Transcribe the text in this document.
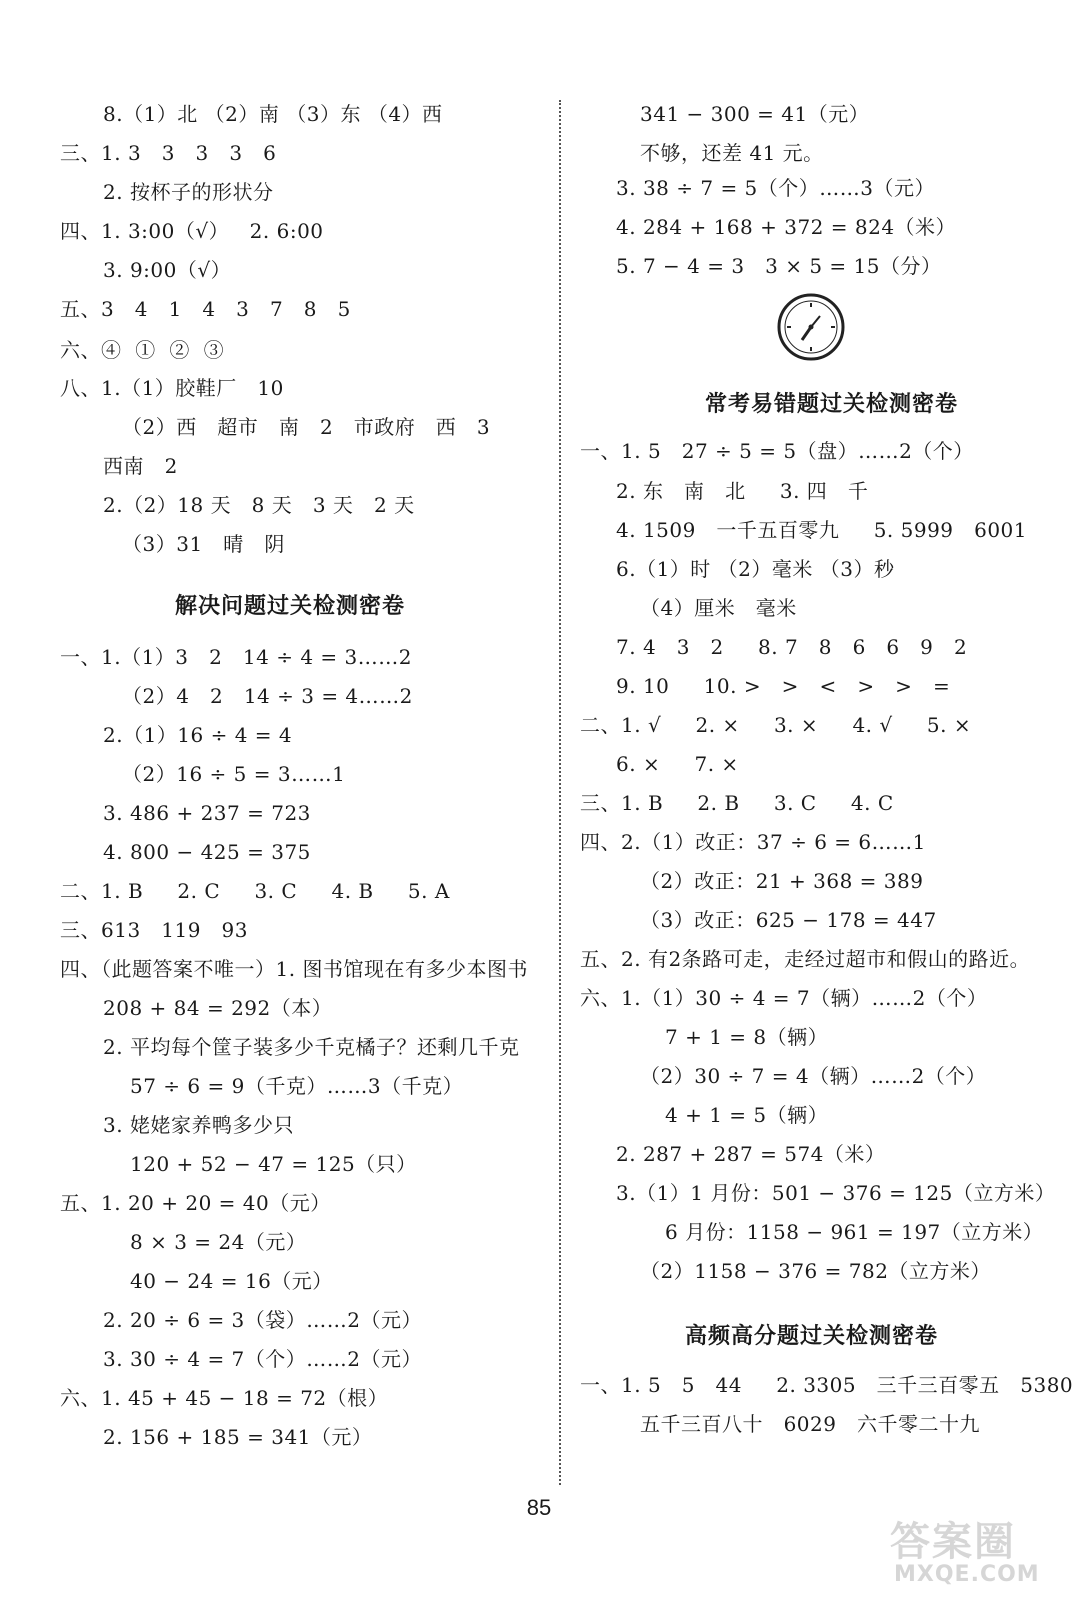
8.（1）北 （2）南 （3）东 （4）西
三、1. 3   3   3   3   6
2. 按杯子的形状分
四、1. 3:00（√）   2. 6:00
3. 9:00（√）
五、3   4   1   4   3   7   8   5
六、④  ①  ②  ③
八、1.（1）胶鞋厂   10
（2）西   超市   南   2   市政府   西   3
西南   2
2.（2）18 天   8 天   3 天   2 天
（3）31   晴   阴
解决问题过关检测密卷
一、1.（1）3   2   14 ÷ 4 = 3……2
（2）4   2   14 ÷ 3 = 4……2
2.（1）16 ÷ 4 = 4
（2）16 ÷ 5 = 3……1
3. 486 + 237 = 723
4. 800 − 425 = 375
二、1. B     2. C     3. C     4. B     5. A
三、613   119   93
四、（此题答案不唯一）1. 图书馆现在有多少本图书
208 + 84 = 292（本）
2. 平均每个筐子装多少千克橘子？还剩几千克
57 ÷ 6 = 9（千克）……3（千克）
3. 姥姥家养鸭多少只
120 + 52 − 47 = 125（只）
五、1. 20 + 20 = 40（元）
8 × 3 = 24（元）
40 − 24 = 16（元）
2. 20 ÷ 6 = 3（袋）……2（元）
3. 30 ÷ 4 = 7（个）……2（元）
六、1. 45 + 45 − 18 = 72（根）
2. 156 + 185 = 341（元）
341 − 300 = 41（元）
不够，还差 41 元。
3. 38 ÷ 7 = 5（个）……3（元）
4. 284 + 168 + 372 = 824（米）
5. 7 − 4 = 3   3 × 5 = 15（分）
常考易错题过关检测密卷
一、1. 5   27 ÷ 5 = 5（盘）……2（个）
2. 东   南   北     3. 四   千
4. 1509   一千五百零九     5. 5999   6001
6.（1）时 （2）毫米 （3）秒
（4）厘米   毫米
7. 4   3   2     8. 7   8   6   6   9   2
9. 10     10. >   >   <   >   >   =
二、1. √     2. ×     3. ×     4. √     5. ×
6. ×     7. ×
三、1. B     2. B     3. C     4. C
四、2.（1）改正：37 ÷ 6 = 6……1
（2）改正：21 + 368 = 389
（3）改正：625 − 178 = 447
五、2. 有2条路可走，走经过超市和假山的路近。
六、1.（1）30 ÷ 4 = 7（辆）……2（个）
7 + 1 = 8（辆）
（2）30 ÷ 7 = 4（辆）……2（个）
4 + 1 = 5（辆）
2. 287 + 287 = 574（米）
3.（1）1 月份：501 − 376 = 125（立方米）
6 月份：1158 − 961 = 197（立方米）
（2）1158 − 376 = 782（立方米）
高频高分题过关检测密卷
一、1. 5   5   44     2. 3305   三千三百零五   5380
五千三百八十   6029   六千零二十九
85
答案圈
MXQE.COM
